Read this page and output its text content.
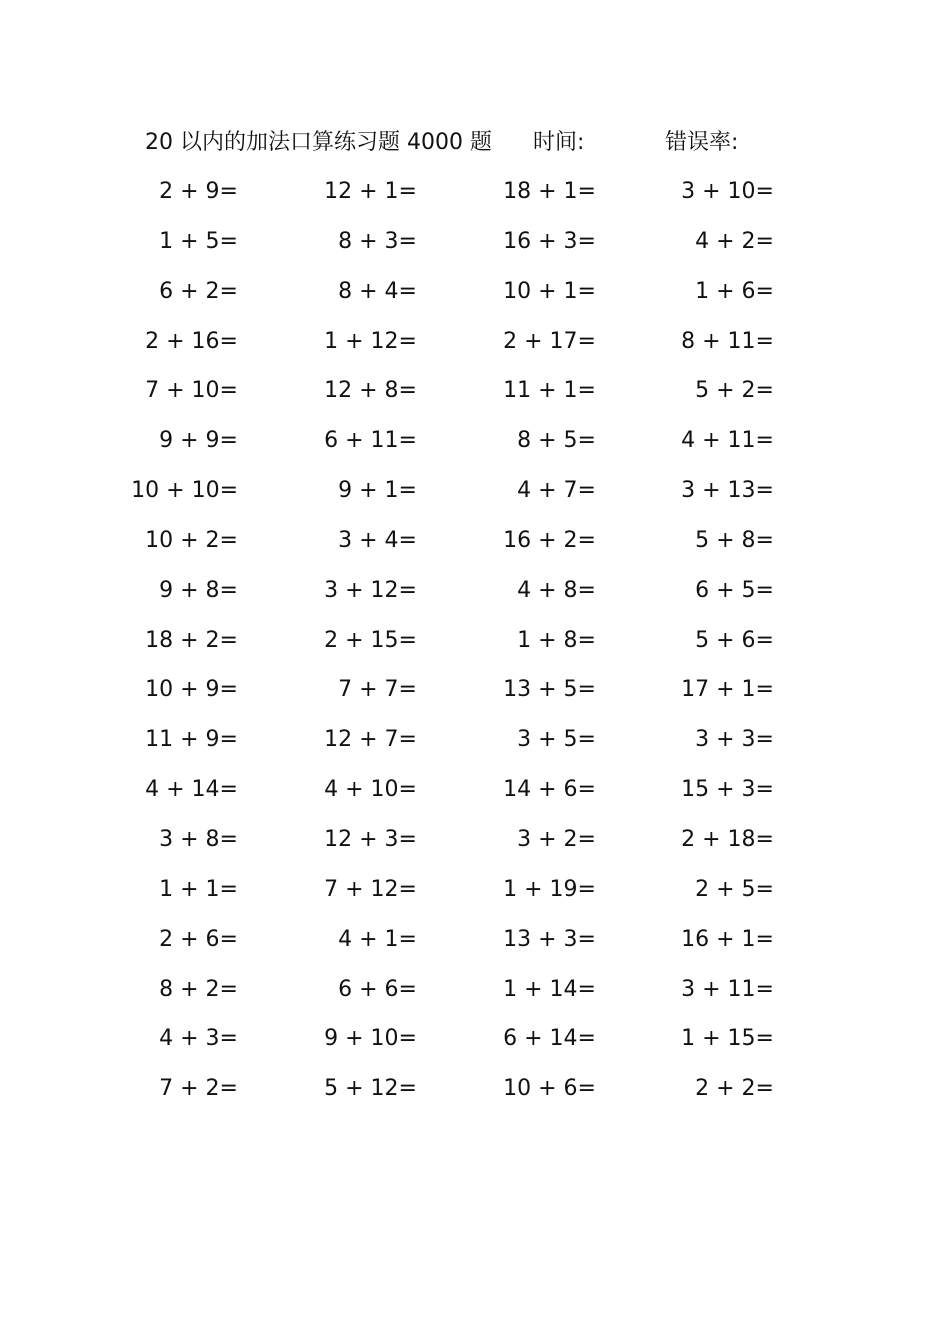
20 以内的加法口算练习题 4000 题 时间:	错误率:
2 + 9=	12 + 1=	18 + 1=	3 + 10=
1 + 5=	8 + 3=	16 + 3=	4 + 2=
6 + 2=	8 + 4=	10 + 1=	1 + 6=
2 + 16=	1 + 12=	2 + 17=	8 + 11=
7 + 10=	12 + 8=	11 + 1=	5 + 2=
9 + 9=	6 + 11=	8 + 5=	4 + 11=
10 + 10=	9 + 1=	4 + 7=	3 + 13=
10 + 2=	3 + 4=	16 + 2=	5 + 8=
9 + 8=	3 + 12=	4 + 8=	6 + 5=
18 + 2=	2 + 15=	1 + 8=	5 + 6=
10 + 9=	7 + 7=	13 + 5=	17 + 1=
11 + 9=	12 + 7=	3 + 5=	3 + 3=
4 + 14=	4 + 10=	14 + 6=	15 + 3=
3 + 8=	12 + 3=	3 + 2=	2 + 18=
1 + 1=	7 + 12=	1 + 19=	2 + 5=
2 + 6=	4 + 1=	13 + 3=	16 + 1=
8 + 2=	6 + 6=	1 + 14=	3 + 11=
4 + 3=	9 + 10=	6 + 14=	1 + 15=
7 + 2=	5 + 12=	10 + 6=	2 + 2=
